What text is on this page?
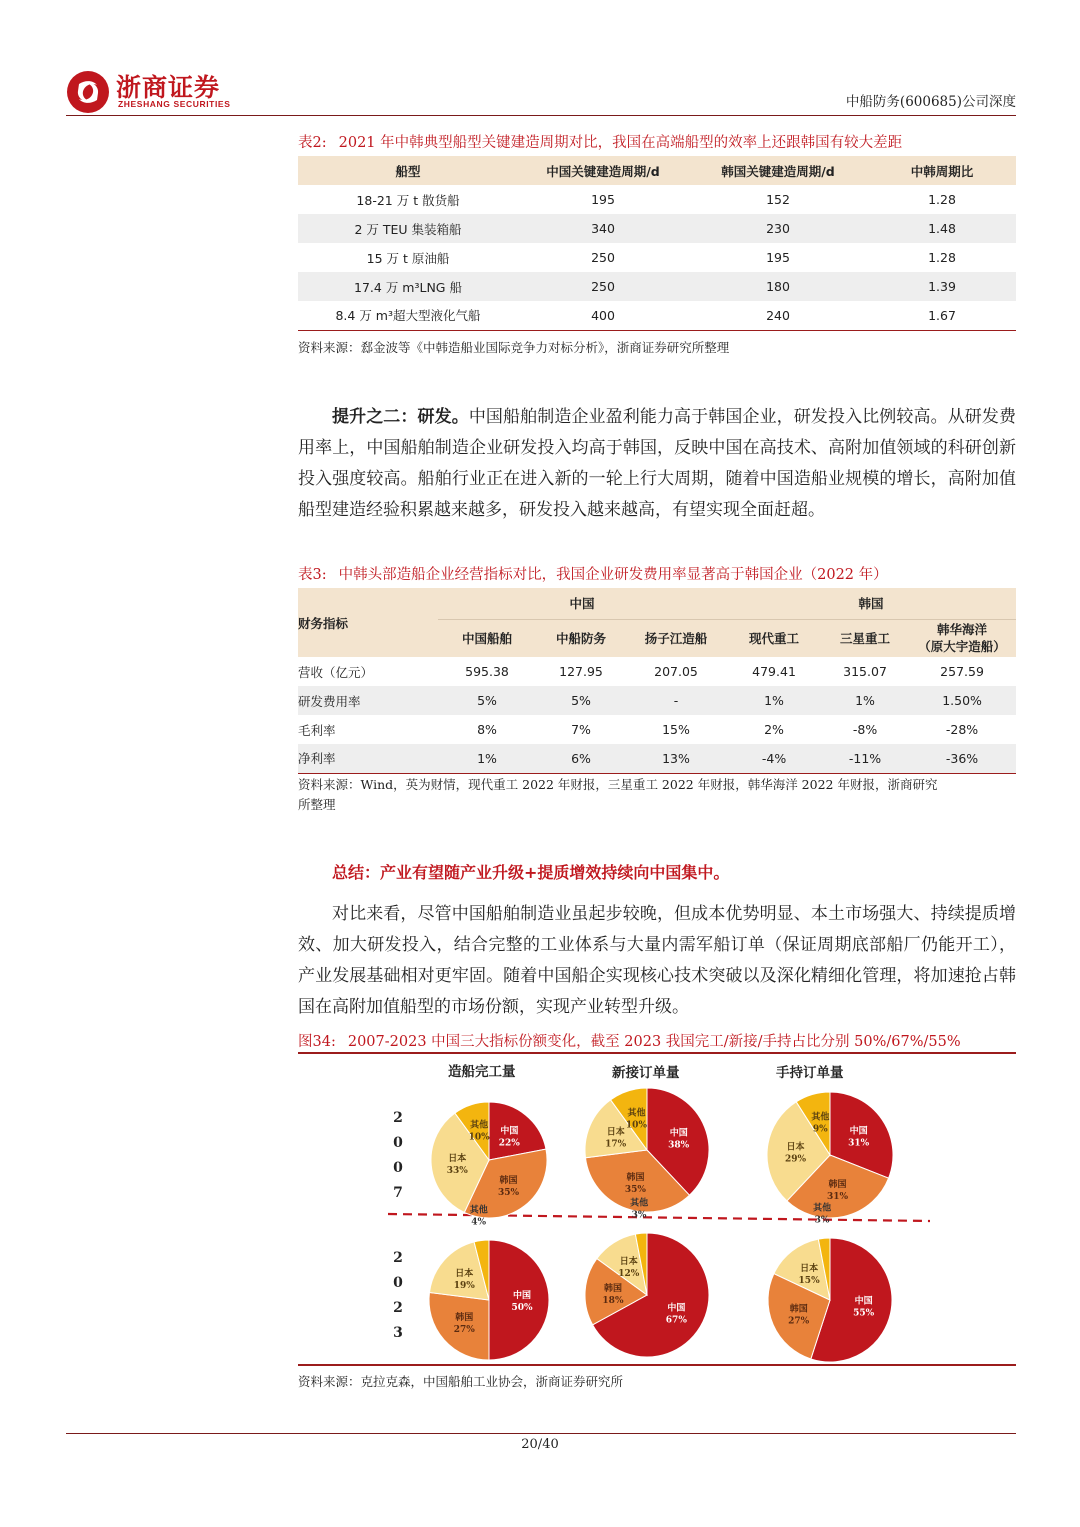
浙商证券
ZHESHANG SECURITIES	中船防务(600685)公司深度
表2: 2021 年中韩典型船型关键建造周期对比，我国在高端船型的效率上还跟韩国有较大差距
船型	中国关键建造周期/d	韩国关键建造周期/d	中韩周期比
18-21 万 t 散货船	195	152	1.28
2 万 TEU 集装箱船	340	230	1.48
15 万 t 原油船	250	195	1.28
17.4 万 m³LNG 船	250	180	1.39
8.4 万 m³超大型液化气船	400	240	1.67
资料来源：郄金波等《中韩造船业国际竞争力对标分析》，浙商证券研究所整理
提升之二：研发。中国船舶制造企业盈利能力高于韩国企业，研发投入比例较高。从研发费用率上，中国船舶制造企业研发投入均高于韩国，反映中国在高技术、高附加值领域的科研创新投入强度较高。船舶行业正在进入新的一轮上行大周期，随着中国造船业规模的增长，高附加值船型建造经验积累越来越多，研发投入越来越高，有望实现全面赶超。
表3: 中韩头部造船企业经营指标对比，我国企业研发费用率显著高于韩国企业（2022 年）
财务指标	中国			韩国		
	中国船舶	中船防务	扬子江造船	现代重工	三星重工	韩华海洋
（原大宇造船）
营收（亿元）	595.38	127.95	207.05	479.41	315.07	257.59
研发费用率	5%	5%	-	1%	1%	1.50%
毛利率	8%	7%	15%	2%	-8%	-28%
净利率	1%	6%	13%	-4%	-11%	-36%
资料来源：Wind，英为财情，现代重工 2022 年财报，三星重工 2022 年财报，韩华海洋 2022 年财报，浙商研究
所整理
总结：产业有望随产业升级+提质增效持续向中国集中。
对比来看，尽管中国船舶制造业虽起步较晚，但成本优势明显、本土市场强大、持续提质增效、加大研发投入，结合完整的工业体系与大量内需军船订单（保证周期底部船厂仍能开工），产业发展基础相对更牢固。随着中国船企实现核心技术突破以及深化精细化管理，将加速抢占韩国在高附加值船型的市场份额，实现产业转型升级。
图34: 2007-2023 中国三大指标份额变化，截至 2023 我国完工/新接/手持占比分别 50%/67%/55%
造船完工量	新接订单量	手持订单量
2
0
0
7
2
0
2
3
中国
22%
韩国
35%
日本
33%
其他
10%	中国
38%
韩国
35%
日本
17%
其他
10%
中国
31%
韩国
31%
日本
29%
其他
9%
中国
50%
韩国
27%
日本
19%
其他
4%
中国
67%
韩国
18%
日本
12%
其他
3%
中国
55%
韩国
27%
日本
15%
其他
3%
资料来源：克拉克森，中国船舶工业协会，浙商证券研究所
20/40
